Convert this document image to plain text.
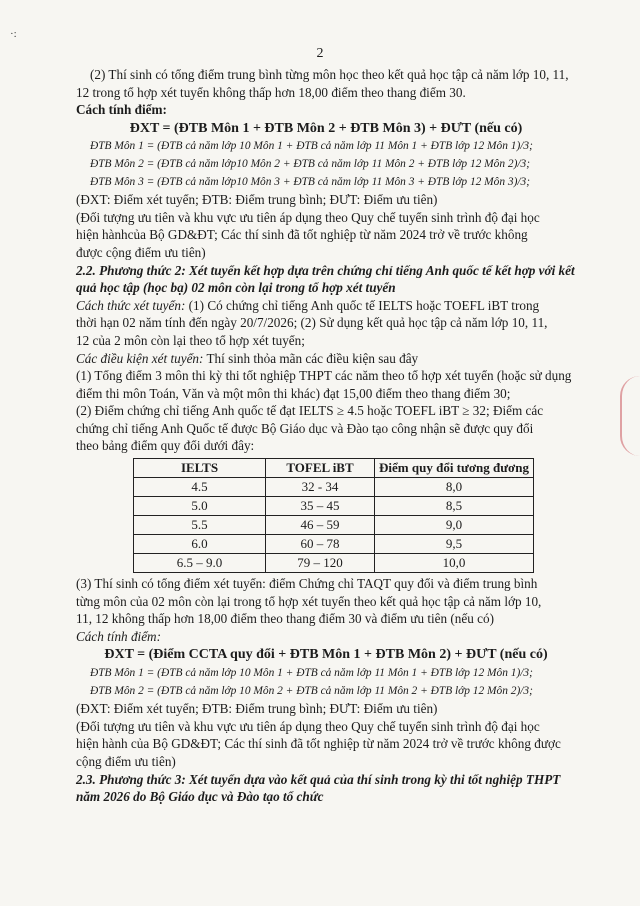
·:
2
(2) Thí sinh có tổng điểm trung bình từng môn học theo kết quả học tập cả năm lớp 10, 11,
12 trong tổ hợp xét tuyển không thấp hơn 18,00 điểm theo thang điểm 30.
Cách tính điểm:
ĐXT = (ĐTB Môn 1 + ĐTB Môn 2 + ĐTB Môn 3) + ĐƯT (nếu có)
ĐTB Môn 1 = (ĐTB cả năm lớp 10 Môn 1 + ĐTB cả năm lớp 11 Môn 1 + ĐTB lớp 12 Môn 1)/3;
ĐTB Môn 2 = (ĐTB cả năm lớp10 Môn 2 + ĐTB cả năm lớp 11 Môn 2 + ĐTB lớp 12 Môn 2)/3;
ĐTB Môn 3 = (ĐTB cả năm lớp10 Môn 3 + ĐTB cả năm lớp 11 Môn 3 + ĐTB lớp 12 Môn 3)/3;
(ĐXT: Điểm xét tuyển; ĐTB: Điểm trung bình; ĐƯT: Điểm ưu tiên)
(Đối tượng ưu tiên và khu vực ưu tiên áp dụng theo Quy chế tuyển sinh trình độ đại học
hiện hànhcủa Bộ GD&ĐT; Các thí sinh đã tốt nghiệp từ năm 2024 trở về trước không
được cộng điểm ưu tiên)
2.2. Phương thức 2: Xét tuyển kết hợp dựa trên chứng chỉ tiếng Anh quốc tế kết hợp với kết
quả học tập (học bạ) 02 môn còn lại trong tổ hợp xét tuyển
Cách thức xét tuyển: (1) Có chứng chỉ tiếng Anh quốc tế IELTS hoặc TOEFL iBT trong
thời hạn 02 năm tính đến ngày 20/7/2026; (2) Sử dụng kết quả học tập cả năm lớp 10, 11,
12 của 2 môn còn lại theo tổ hợp xét tuyển;
Các điều kiện xét tuyển: Thí sinh thỏa mãn các điều kiện sau đây
(1) Tổng điểm 3 môn thi kỳ thi tốt nghiệp THPT các năm theo tổ hợp xét tuyển (hoặc sử dụng
điểm thi môn Toán, Văn và một môn thi khác) đạt 15,00 điểm theo thang điểm 30;
(2) Điểm chứng chỉ tiếng Anh quốc tế đạt IELTS ≥ 4.5 hoặc TOEFL iBT ≥ 32; Điểm các
chứng chỉ tiếng Anh Quốc tế được Bộ Giáo dục và Đào tạo công nhận sẽ được quy đổi
theo bảng điểm quy đổi dưới đây:
IELTS	TOFEL iBT	Điểm quy đổi tương đương
4.5	32 - 34	8,0
5.0	35 – 45	8,5
5.5	46 – 59	9,0
6.0	60 – 78	9,5
6.5 – 9.0	79 – 120	10,0
(3) Thí sinh có tổng điểm xét tuyển: điểm Chứng chỉ TAQT quy đổi và điểm trung bình
từng môn của 02 môn còn lại trong tổ hợp xét tuyển theo kết quả học tập cả năm lớp 10,
11, 12 không thấp hơn 18,00 điểm theo thang điểm 30 và điểm ưu tiên (nếu có)
Cách tính điểm:
ĐXT = (Điểm CCTA quy đổi + ĐTB Môn 1 + ĐTB Môn 2) + ĐƯT (nếu có)
ĐTB Môn 1 = (ĐTB cả năm lớp 10 Môn 1 + ĐTB cả năm lớp 11 Môn 1 + ĐTB lớp 12 Môn 1)/3;
ĐTB Môn 2 = (ĐTB cả năm lớp 10 Môn 2 + ĐTB cả năm lớp 11 Môn 2 + ĐTB lớp 12 Môn 2)/3;
(ĐXT: Điểm xét tuyển; ĐTB: Điểm trung bình; ĐƯT: Điểm ưu tiên)
(Đối tượng ưu tiên và khu vực ưu tiên áp dụng theo Quy chế tuyển sinh trình độ đại học
hiện hành của Bộ GD&ĐT; Các thí sinh đã tốt nghiệp từ năm 2024 trở về trước không được
cộng điểm ưu tiên)
2.3. Phương thức 3: Xét tuyển dựa vào kết quả của thí sinh trong kỳ thi tốt nghiệp THPT
năm 2026 do Bộ Giáo dục và Đào tạo tổ chức
